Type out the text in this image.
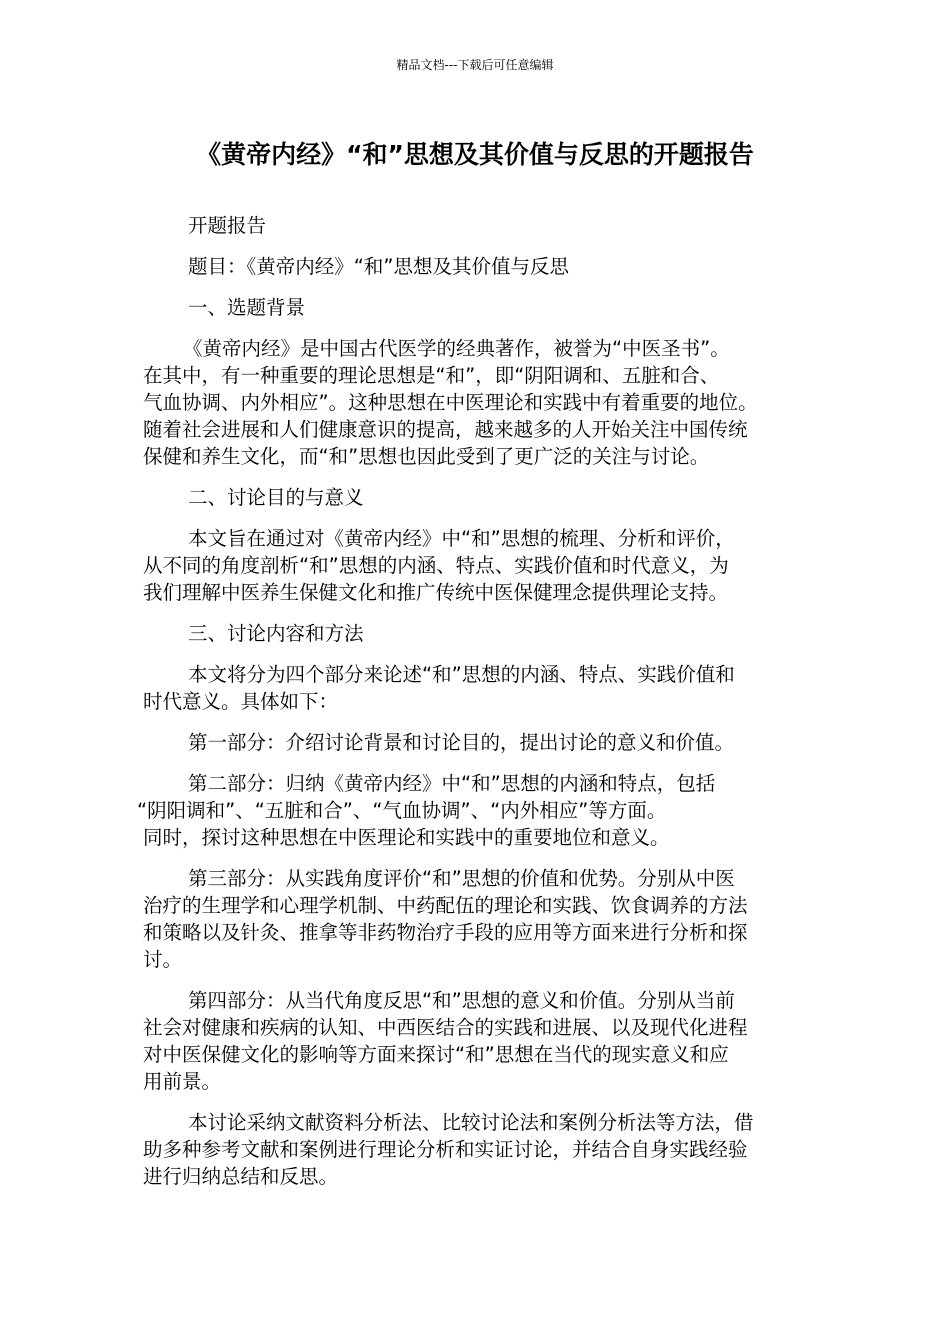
精品文档---下载后可任意编辑
《黄帝内经》“和”思想及其价值与反思的开题报告

开题报告

题目：《黄帝内经》“和”思想及其价值与反思

一、选题背景

《黄帝内经》是中国古代医学的经典著作，被誉为“中医圣书”。

在其中，有一种重要的理论思想是“和”，即“阴阳调和、五脏和合、

气血协调、内外相应”。这种思想在中医理论和实践中有着重要的地位。

随着社会进展和人们健康意识的提高，越来越多的人开始关注中国传统

保健和养生文化，而“和”思想也因此受到了更广泛的关注与讨论。

二、讨论目的与意义

本文旨在通过对《黄帝内经》中“和”思想的梳理、分析和评价，

从不同的角度剖析“和”思想的内涵、特点、实践价值和时代意义，为

我们理解中医养生保健文化和推广传统中医保健理念提供理论支持。

三、讨论内容和方法

本文将分为四个部分来论述“和”思想的内涵、特点、实践价值和

时代意义。具体如下：

第一部分：介绍讨论背景和讨论目的，提出讨论的意义和价值。

第二部分：归纳《黄帝内经》中“和”思想的内涵和特点，包括

“阴阳调和”、“五脏和合”、“气血协调”、“内外相应”等方面。

同时，探讨这种思想在中医理论和实践中的重要地位和意义。

第三部分：从实践角度评价“和”思想的价值和优势。分别从中医

治疗的生理学和心理学机制、中药配伍的理论和实践、饮食调养的方法

和策略以及针灸、推拿等非药物治疗手段的应用等方面来进行分析和探

讨。

第四部分：从当代角度反思“和”思想的意义和价值。分别从当前

社会对健康和疾病的认知、中西医结合的实践和进展、以及现代化进程

对中医保健文化的影响等方面来探讨“和”思想在当代的现实意义和应

用前景。

本讨论采纳文献资料分析法、比较讨论法和案例分析法等方法，借

助多种参考文献和案例进行理论分析和实证讨论，并结合自身实践经验

进行归纳总结和反思。
